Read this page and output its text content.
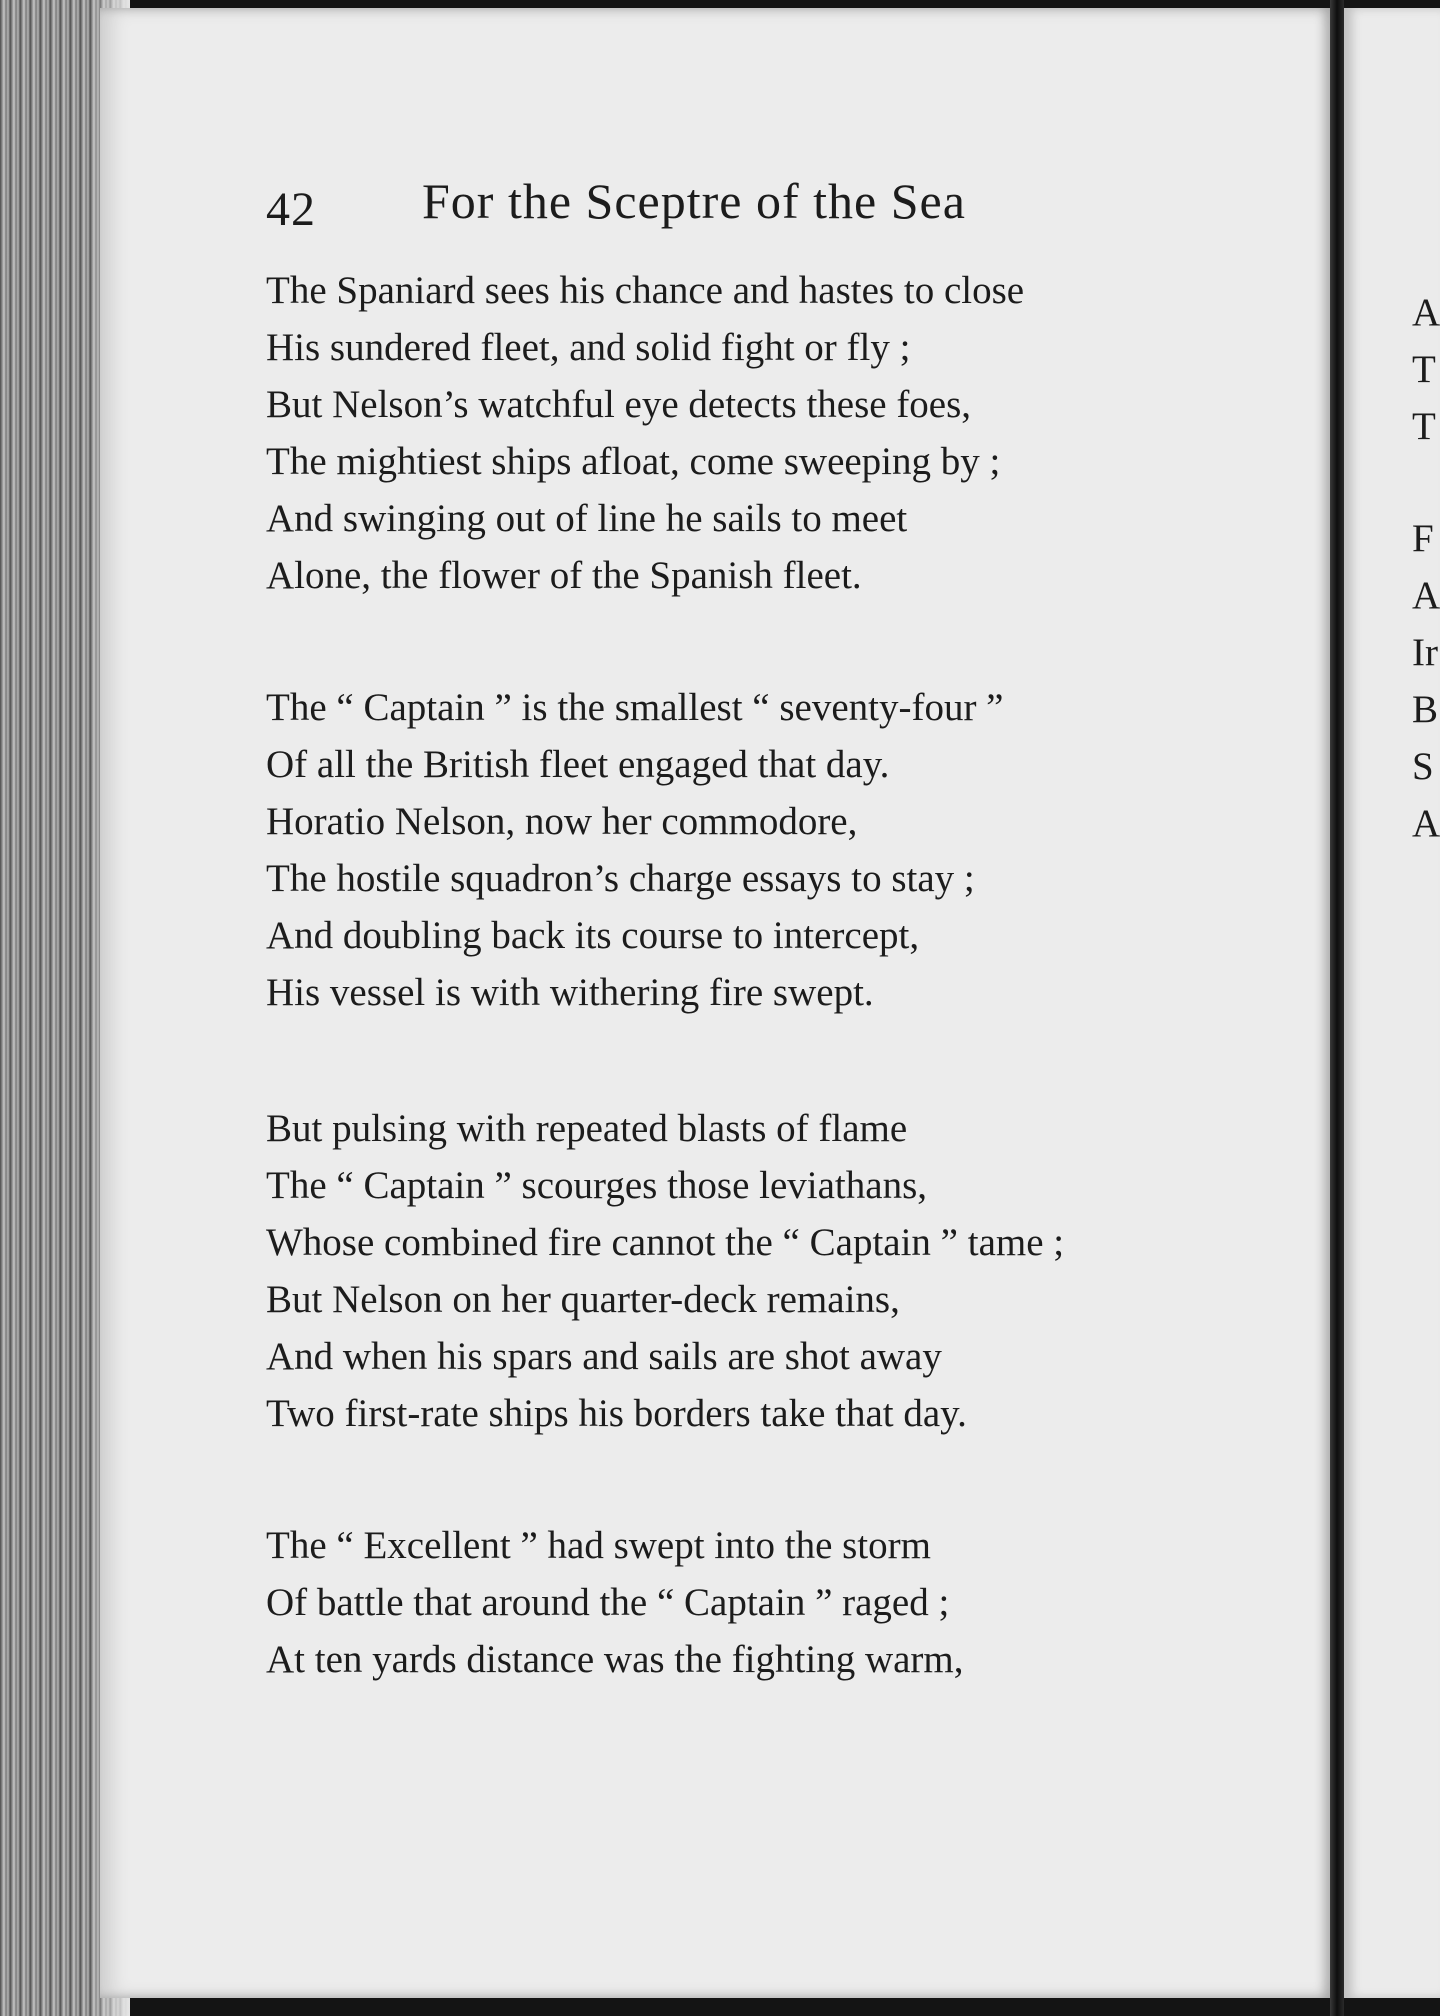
42 For the Sceptre of the Sea
The Spaniard sees his chance and hastes to close
His sundered fleet, and solid fight or fly ;
But Nelson’s watchful eye detects these foes,
The mightiest ships afloat, come sweeping by ;
And swinging out of line he sails to meet
Alone, the flower of the Spanish fleet.
The “ Captain ” is the smallest “ seventy-four ”
Of all the British fleet engaged that day.
Horatio Nelson, now her commodore,
The hostile squadron’s charge essays to stay ;
And doubling back its course to intercept,
His vessel is with withering fire swept.
But pulsing with repeated blasts of flame
The “ Captain ” scourges those leviathans,
Whose combined fire cannot the “ Captain ” tame ;
But Nelson on her quarter-deck remains,
And when his spars and sails are shot away
Two first-rate ships his borders take that day.
The “ Excellent ” had swept into the storm
Of battle that around the “ Captain ” raged ;
At ten yards distance was the fighting warm,
A
T
T
F
A
Ir
B
S
A
